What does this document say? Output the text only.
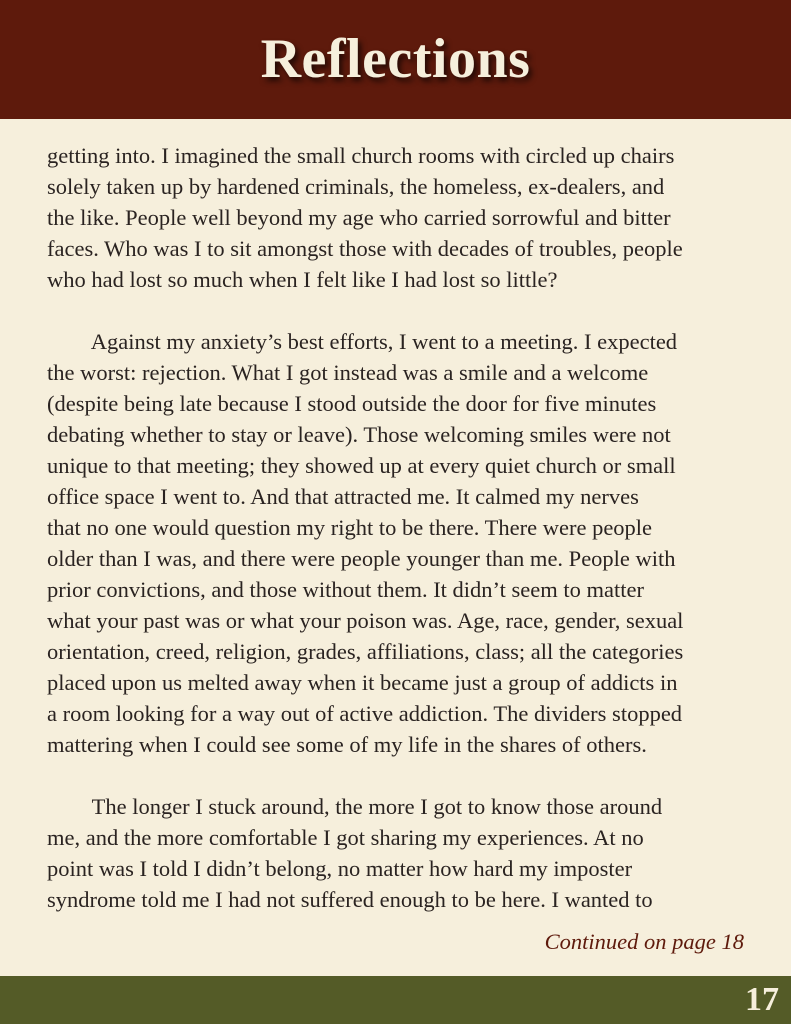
Reflections

getting into. I imagined the small church rooms with circled up chairs
solely taken up by hardened criminals, the homeless, ex-dealers, and
the like. People well beyond my age who carried sorrowful and bitter
faces. Who was I to sit amongst those with decades of troubles, people
who had lost so much when I felt like I had lost so little?

Against my anxiety’s best efforts, I went to a meeting. I expected
the worst: rejection. What I got instead was a smile and a welcome
(despite being late because I stood outside the door for five minutes
debating whether to stay or leave). Those welcoming smiles were not
unique to that meeting; they showed up at every quiet church or small
office space I went to. And that attracted me. It calmed my nerves
that no one would question my right to be there. There were people
older than I was, and there were people younger than me. People with
prior convictions, and those without them. It didn’t seem to matter
what your past was or what your poison was. Age, race, gender, sexual
orientation, creed, religion, grades, affiliations, class; all the categories
placed upon us melted away when it became just a group of addicts in
a room looking for a way out of active addiction. The dividers stopped
mattering when I could see some of my life in the shares of others.

The longer I stuck around, the more I got to know those around
me, and the more comfortable I got sharing my experiences. At no
point was I told I didn’t belong, no matter how hard my imposter
syndrome told me I had not suffered enough to be here. I wanted to

Continued on page 18
17
